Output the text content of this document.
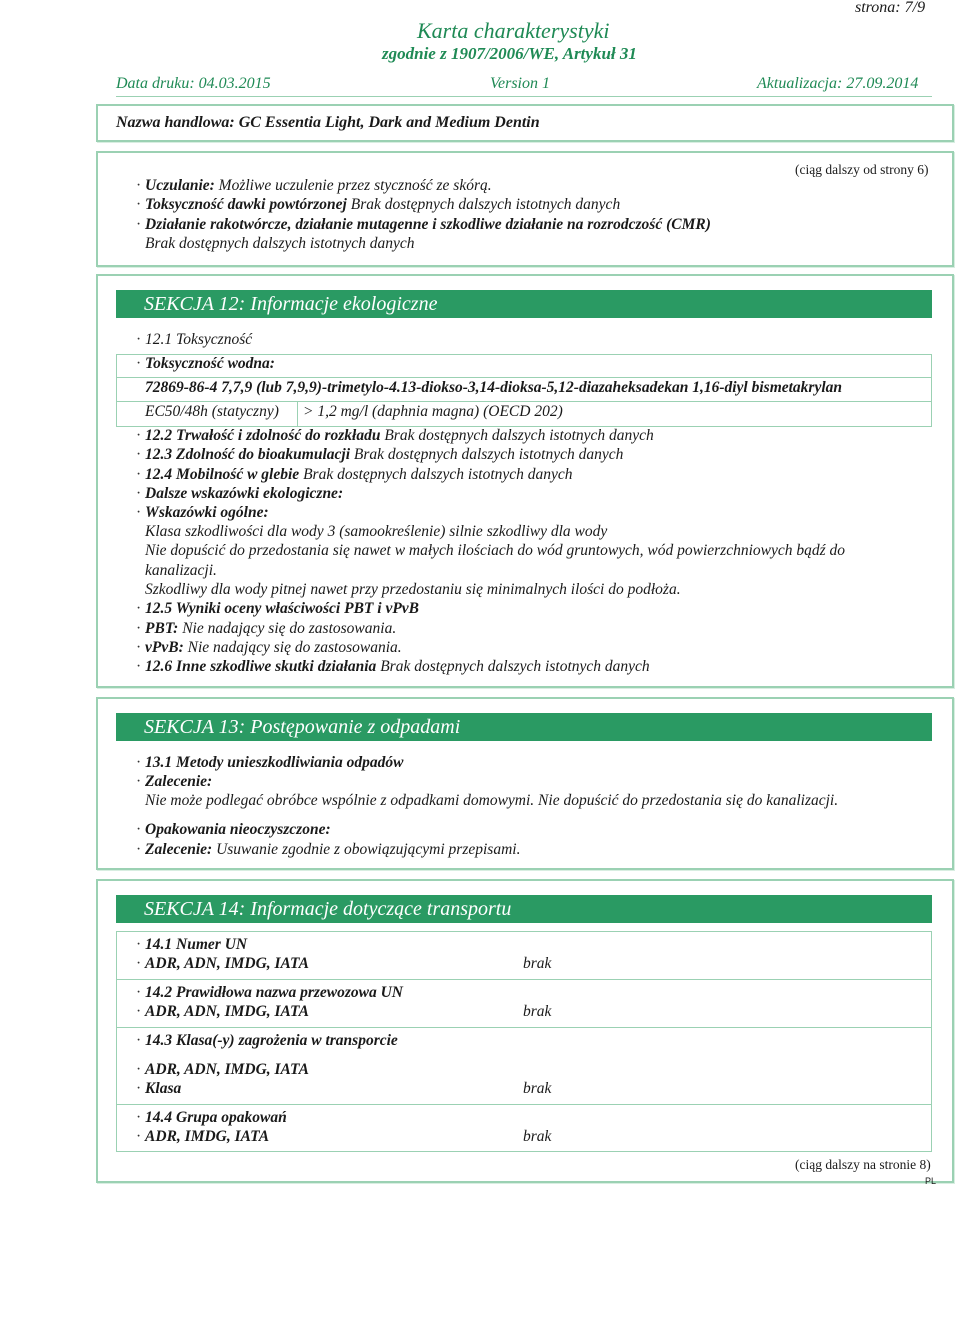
strona: 7/9
Karta charakterystyki
zgodnie z 1907/2006/WE, Artykuł 31
Data druku: 04.03.2015	Version 1	Aktualizacja: 27.09.2014
Nazwa handlowa: GC Essentia Light, Dark and Medium Dentin
(ciąg dalszy od strony 6)
· Uczulanie: Możliwe uczulenie przez styczność ze skórą.
· Toksyczność dawki powtórzonej Brak dostępnych dalszych istotnych danych
· Działanie rakotwórcze, działanie mutagenne i szkodliwe działanie na rozrodczość (CMR)
Brak dostępnych dalszych istotnych danych
SEKCJA 12: Informacje ekologiczne
· 12.1 Toksyczność
· Toksyczność wodna:
72869-86-4 7,7,9 (lub 7,9,9)-trimetylo-4.13-diokso-3,14-dioksa-5,12-diazaheksadekan 1,16-diyl bismetakrylan
EC50/48h (statyczny) > 1,2 mg/l (daphnia magna) (OECD 202)
· 12.2 Trwałość i zdolność do rozkładu Brak dostępnych dalszych istotnych danych
· 12.3 Zdolność do bioakumulacji Brak dostępnych dalszych istotnych danych
· 12.4 Mobilność w glebie Brak dostępnych dalszych istotnych danych
· Dalsze wskazówki ekologiczne:
· Wskazówki ogólne:
Klasa szkodliwości dla wody 3 (samookreślenie) silnie szkodliwy dla wody
Nie dopuścić do przedostania się nawet w małych ilościach do wód gruntowych, wód powierzchniowych bądź do
kanalizacji.
Szkodliwy dla wody pitnej nawet przy przedostaniu się minimalnych ilości do podłoża.
· 12.5 Wyniki oceny właściwości PBT i vPvB
· PBT: Nie nadający się do zastosowania.
· vPvB: Nie nadający się do zastosowania.
· 12.6 Inne szkodliwe skutki działania Brak dostępnych dalszych istotnych danych
SEKCJA 13: Postępowanie z odpadami
· 13.1 Metody unieszkodliwiania odpadów
· Zalecenie:
Nie może podlegać obróbce wspólnie z odpadkami domowymi. Nie dopuścić do przedostania się do kanalizacji.
· Opakowania nieoczyszczone:
· Zalecenie: Usuwanie zgodnie z obowiązującymi przepisami.
SEKCJA 14: Informacje dotyczące transportu
· 14.1 Numer UN
· ADR, ADN, IMDG, IATA	brak
· 14.2 Prawidłowa nazwa przewozowa UN
· ADR, ADN, IMDG, IATA	brak
· 14.3 Klasa(-y) zagrożenia w transporcie
· ADR, ADN, IMDG, IATA
· Klasa	brak
· 14.4 Grupa opakowań
· ADR, IMDG, IATA	brak
(ciąg dalszy na stronie 8)
PL
